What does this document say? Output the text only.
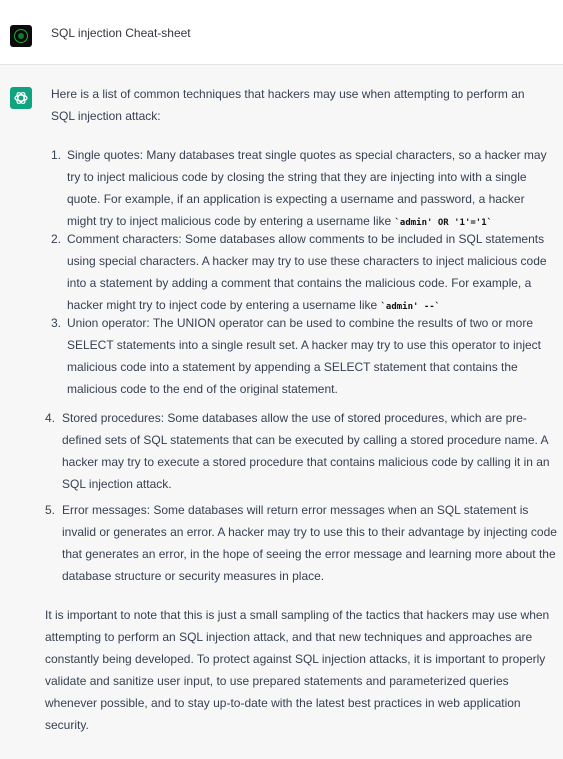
SQL injection Cheat-sheet

Here is a list of common techniques that hackers may use when attempting to perform an SQL injection attack:

1. Single quotes: Many databases treat single quotes as special characters, so a hacker may try to inject malicious code by closing the string that they are injecting into with a single quote. For example, if an application is expecting a username and password, a hacker might try to inject malicious code by entering a username like `admin' OR '1'='1`
2. Comment characters: Some databases allow comments to be included in SQL statements using special characters. A hacker may try to use these characters to inject malicious code into a statement by adding a comment that contains the malicious code. For example, a hacker might try to inject code by entering a username like `admin' --`
3. Union operator: The UNION operator can be used to combine the results of two or more SELECT statements into a single result set. A hacker may try to use this operator to inject malicious code into a statement by appending a SELECT statement that contains the malicious code to the end of the original statement.
4. Stored procedures: Some databases allow the use of stored procedures, which are pre-defined sets of SQL statements that can be executed by calling a stored procedure name. A hacker may try to execute a stored procedure that contains malicious code by calling it in an SQL injection attack.
5. Error messages: Some databases will return error messages when an SQL statement is invalid or generates an error. A hacker may try to use this to their advantage by injecting code that generates an error, in the hope of seeing the error message and learning more about the database structure or security measures in place.

It is important to note that this is just a small sampling of the tactics that hackers may use when attempting to perform an SQL injection attack, and that new techniques and approaches are constantly being developed. To protect against SQL injection attacks, it is important to properly validate and sanitize user input, to use prepared statements and parameterized queries whenever possible, and to stay up-to-date with the latest best practices in web application security.
